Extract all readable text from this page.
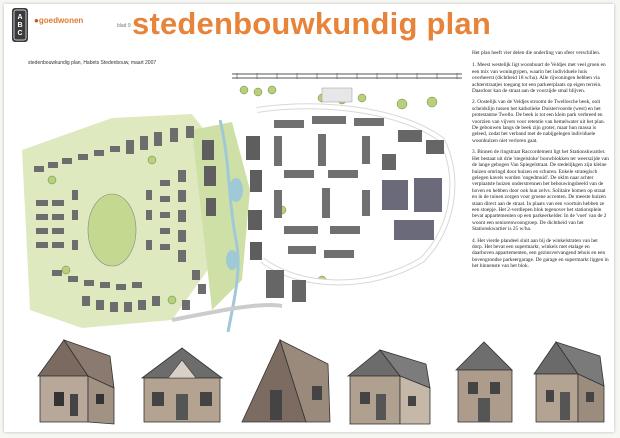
A
B
C
●goedwonen
blad 9 stedenbouwkundig plan
stedenbouwkundig plan, Habets Stedenbouw, maart 2007

Het plan heeft vier delen die onderling van sfeer verschillen.

1. Meest westelijk ligt woonbuurt de Veldjes met veel groen en een mix van woningtypen, waarin het individuele huis overheerst (dichtheid 18 w/ha). Alle rijwoningen hebben via achterstraatjes toegang tot een parkeerplaats op eigen terrein. Daardoor kan de straat aan de voorzijde smal blijven.

2. Oostelijk van de Veldjes stroomt de Twellosche beek, ooit scheidslijn tussen het katholieke Duistervoorde (west) en het protestantse Twello. De beek is tot een klein park verbreed en voorzien van vijvers voor retentie van hemelwater uit het plan. De gebouwen langs de beek zijn groter, maar hun massa is geleed, zodat het verband met de nabijgelegen individuele woonhuizen niet verloren gaat.

3. Binnen de ringstraat Raccordement ligt het Stationskwartier. Het bestaat uit drie 'stegelsloke' bouwblokken ter weerszijde van de lange gebogen Van Spiegelstraat. De stedelijkgen zijn kleine huizen omringd door huizen en schuren. Enkele strategisch gelegen kavels worden 'ongedmuid'. De oklm naar achter verplaatste huizen onderstrennen het bebouwingsbeeld van de hoven en hebben door ook hun zelvs. Solitaire bomen op straat en in de tuinen zorgen voor groene accenten. De meeste huizen staan direct aan de straat. In plaats van een voortuin hebben ze een stoepje. Het 2-verdiepen blok tegenover het stationsplein bevat appartementen op een parkeerkelder. In de 'voet' van de 2 woont een seniorenwoongroep. De dichtheid van het Stationskwartier is 25 w/ha.

4. Het vierde plandeel sluit aan bij de winkelstraten van het dorp. Het bevat een supermarkt, winkels met etalage en daarboven appartementen, een gezinsvervangend tehuis en een bovengrondse parkeergarage. De garage en supermarkt liggen in het binnenste van het blok.
